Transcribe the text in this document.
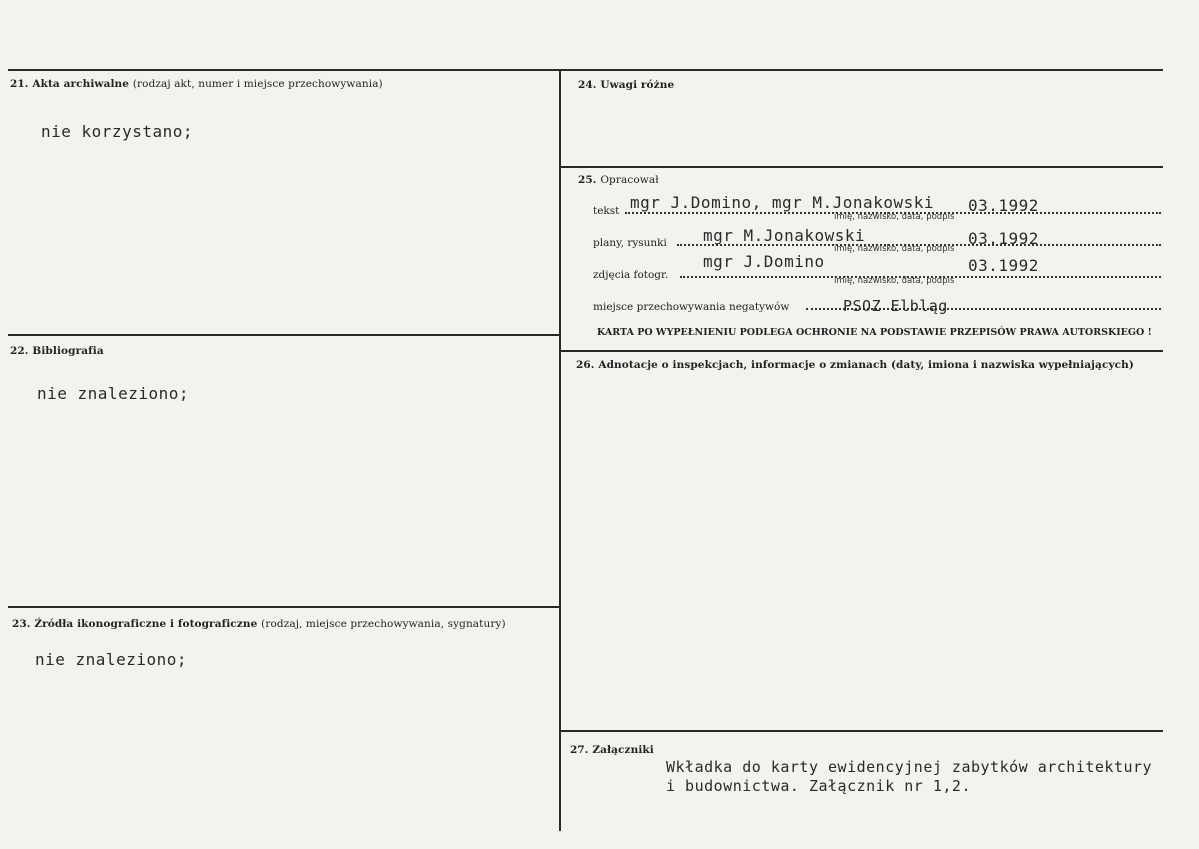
21. Akta archiwalne (rodzaj akt, numer i miejsce przechowywania)
nie korzystano;
22. Bibliografia
nie znaleziono;
23. Źródła ikonograficzne i fotograficzne (rodzaj, miejsce przechowywania, sygnatury)
nie znaleziono;
24. Uwagi różne
25. Opracował
tekst mgr J.Domino, mgr M.Jonakowski 03.1992
imię, nazwisko, data, podpis
plany, rysunki mgr M.Jonakowski	03.1992
imię, nazwisko, data, podpis
zdjęcia fotogr.
mgr J.Domino	03.1992
imię, nazwisko, data, podpis
miejsce przechowywania negatywów	PSOZ Elbląg
KARTA PO WYPEŁNIENIU PODLEGA OCHRONIE NA PODSTAWIE PRZEPISÓW PRAWA AUTORSKIEGO !
26. Adnotacje o inspekcjach, informacje o zmianach (daty, imiona i nazwiska wypełniających)
27. Załączniki
Wkładka do karty ewidencyjnej zabytków architektury
i budownictwa. Załącznik nr 1,2.
